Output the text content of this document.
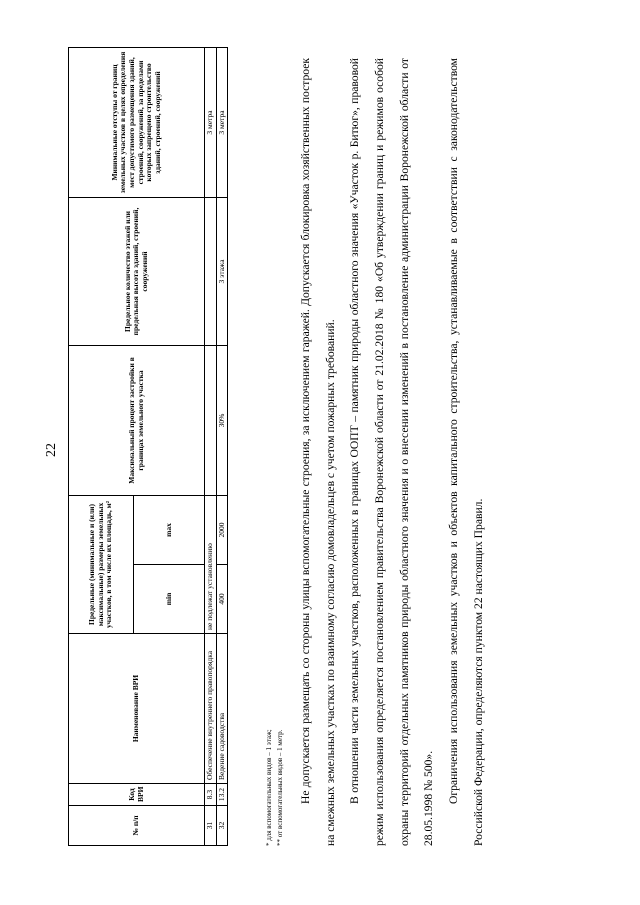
22
№ п/п	Код ВРИ	Наименование ВРИ	Предельные (минимальные и (или) максимальные) размеры земельных участков, в том числе их площадь, м²		Максимальный процент застройки в границах земельного участка	Предельное количество этажей или предельная высота зданий, строений, сооружений	Минимальные отступы от границ земельных участков в целях определения мест допустимого размещения зданий, строений, сооружений, за пределами которых запрещено строительство зданий, строений, сооружений
			min	max			
31	8.3	Обеспечение внутреннего правопорядка	не подлежат установлению				3 метра
32	13.2	Ведение садоводства	400	2000	30%	3 этажа	3 метра
* для вспомогательных видов – 1 этаж; ** от вспомогательных видов – 1 метр.	Не допускается размещать со стороны улицы вспомогательные строения, за исключением гаражей. Допускается блокировка хозяйственных построек на смежных земельных участках по взаимному согласию домовладельцев с учетом пожарных требований.	В отношении части земельных участков, расположенных в границах ООПТ – памятник природы областного значения «Участок р. Битюг», правовой режим использования определяется постановлением правительства Воронежской области от 21.02.2018 № 180 «Об утверждении границ и режимов особой охраны территорий отдельных памятников природы областного значения и о внесении изменений в постановление администрации Воронежской области от 28.05.1998 № 500».	Ограничения использования земельных участков и объектов капитального строительства, устанавливаемые в соответствии с законодательством Российской Федерации, определяются пунктом 22 настоящих Правил.
